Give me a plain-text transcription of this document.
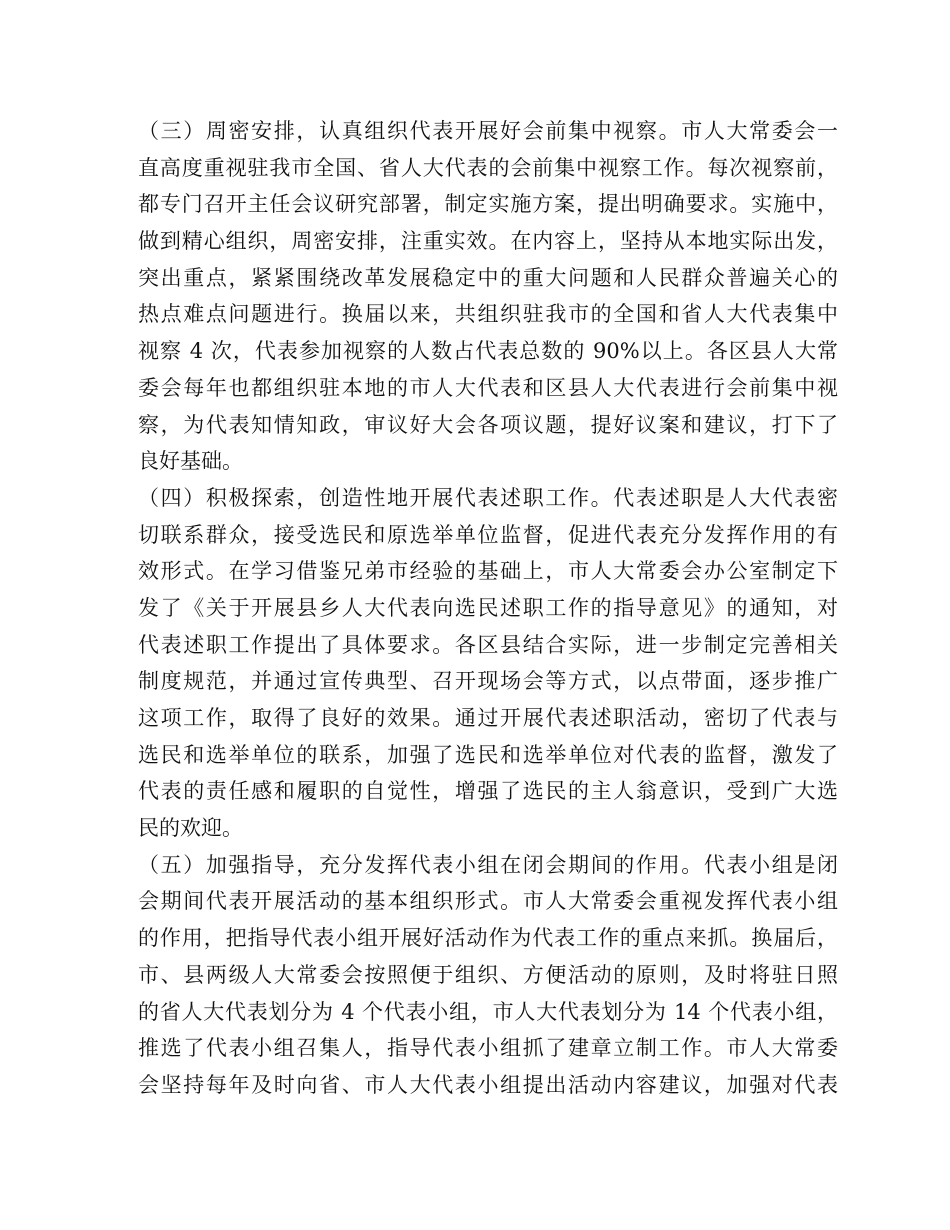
（三）周密安排，认真组织代表开展好会前集中视察。市人大常委会一
直高度重视驻我市全国、省人大代表的会前集中视察工作。每次视察前，
都专门召开主任会议研究部署，制定实施方案，提出明确要求。实施中，
做到精心组织，周密安排，注重实效。在内容上，坚持从本地实际出发，
突出重点，紧紧围绕改革发展稳定中的重大问题和人民群众普遍关心的
热点难点问题进行。换届以来，共组织驻我市的全国和省人大代表集中
视察 4 次，代表参加视察的人数占代表总数的 90%以上。各区县人大常
委会每年也都组织驻本地的市人大代表和区县人大代表进行会前集中视
察，为代表知情知政，审议好大会各项议题，提好议案和建议，打下了
良好基础。
（四）积极探索，创造性地开展代表述职工作。代表述职是人大代表密
切联系群众，接受选民和原选举单位监督，促进代表充分发挥作用的有
效形式。在学习借鉴兄弟市经验的基础上，市人大常委会办公室制定下
发了《关于开展县乡人大代表向选民述职工作的指导意见》的通知，对
代表述职工作提出了具体要求。各区县结合实际，进一步制定完善相关
制度规范，并通过宣传典型、召开现场会等方式，以点带面，逐步推广
这项工作，取得了良好的效果。通过开展代表述职活动，密切了代表与
选民和选举单位的联系，加强了选民和选举单位对代表的监督，激发了
代表的责任感和履职的自觉性，增强了选民的主人翁意识，受到广大选
民的欢迎。
（五）加强指导，充分发挥代表小组在闭会期间的作用。代表小组是闭
会期间代表开展活动的基本组织形式。市人大常委会重视发挥代表小组
的作用，把指导代表小组开展好活动作为代表工作的重点来抓。换届后，
市、县两级人大常委会按照便于组织、方便活动的原则，及时将驻日照
的省人大代表划分为 4 个代表小组，市人大代表划分为 14 个代表小组，
推选了代表小组召集人，指导代表小组抓了建章立制工作。市人大常委
会坚持每年及时向省、市人大代表小组提出活动内容建议，加强对代表
